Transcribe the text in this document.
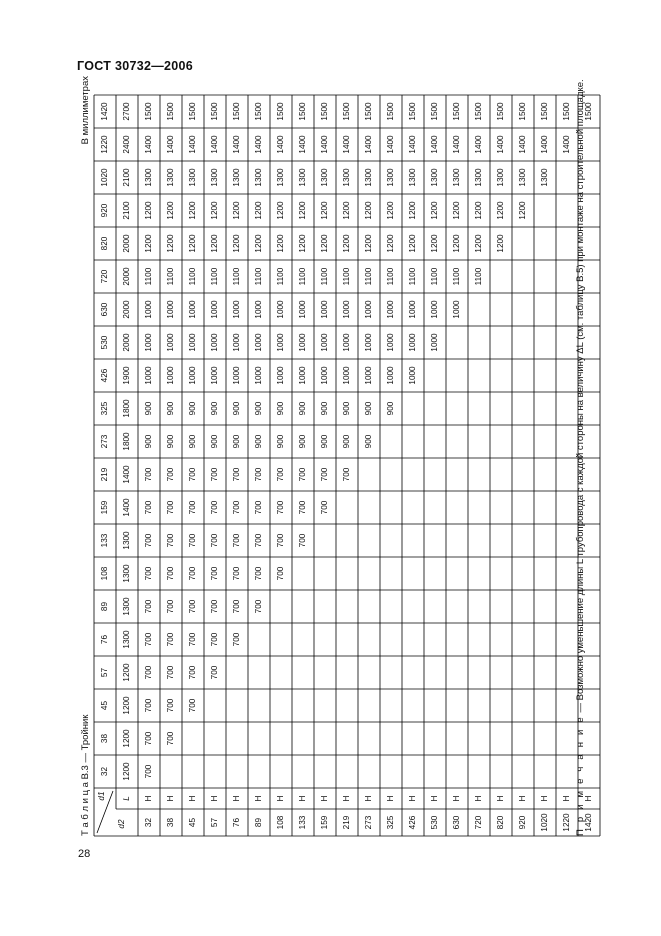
ГОСТ 30732—2006
Т а б л и ц а В.3 — Тройник
В миллиметрах
d1
d2
L
32
38
45
57
76
89
108
133
159
219
273
325
426
530
630
720
820
920
1020
1220
1420
1200
1200
1200
1200
1300
1300
1300
1300
1400
1400
1800
1800
1900
2000
2000
2000
2000
2100
2100
2400
2700
32
Н
700
700
700
700
700
700
700
700
700
700
900
900
1000
1000
1000
1100
1200
1200
1300
1400
1500
38
Н
700
700
700
700
700
700
700
700
700
900
900
1000
1000
1000
1100
1200
1200
1300
1400
1500
45
Н
700
700
700
700
700
700
700
700
900
900
1000
1000
1000
1100
1200
1200
1300
1400
1500
57
Н
700
700
700
700
700
700
700
900
900
1000
1000
1000
1100
1200
1200
1300
1400
1500
76
Н
700
700
700
700
700
700
900
900
1000
1000
1000
1100
1200
1200
1300
1400
1500
89
Н
700
700
700
700
700
900
900
1000
1000
1000
1100
1200
1200
1300
1400
1500
108
Н
700
700
700
700
900
900
1000
1000
1000
1100
1200
1200
1300
1400
1500
133
Н
700
700
700
900
900
1000
1000
1000
1100
1200
1200
1300
1400
1500
159
Н
700
700
900
900
1000
1000
1000
1100
1200
1200
1300
1400
1500
219
Н
700
900
900
1000
1000
1000
1100
1200
1200
1300
1400
1500
273
Н
900
900
1000
1000
1000
1100
1200
1200
1300
1400
1500
325
Н
900
1000
1000
1000
1100
1200
1200
1300
1400
1500
426
Н
1000
1000
1000
1100
1200
1200
1300
1400
1500
530
Н
1000
1000
1100
1200
1200
1300
1400
1500
630
Н
1000
1100
1200
1200
1300
1400
1500
720
Н
1100
1200
1200
1300
1400
1500
820
Н
1200
1200
1300
1400
1500
920
Н
1200
1300
1400
1500
1020
Н
1300
1400
1500
1220
Н
1400
1500
1420
Н
1500
П р и м е ч а н и е — Возможно уменьшение длины L трубопровода с каждой стороны на величину ΔL (см. таблицу В.5) при монтаже на строительной площадке.
28
